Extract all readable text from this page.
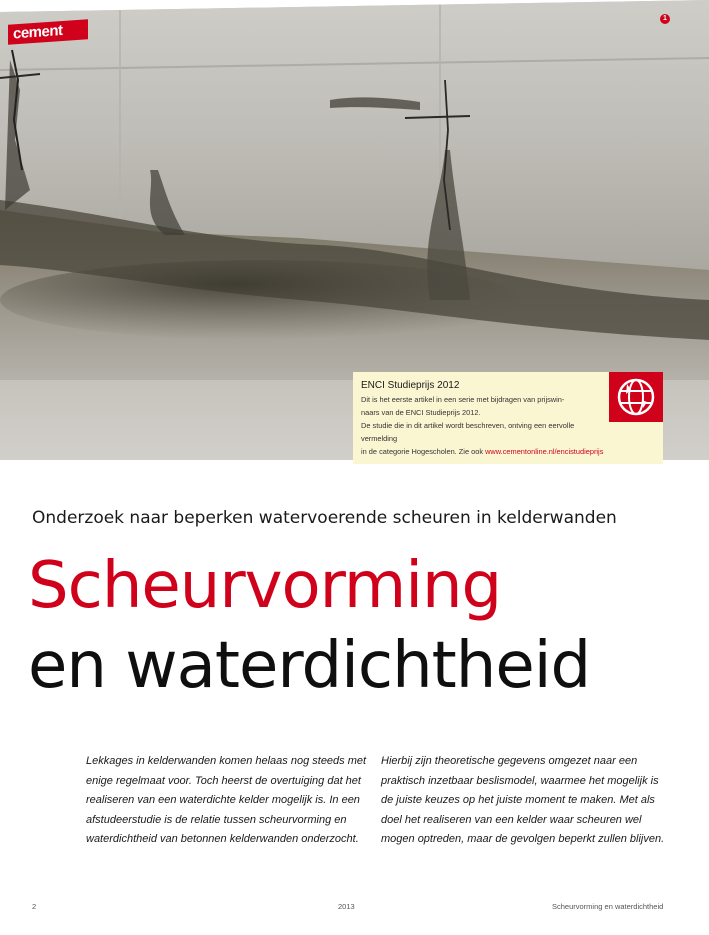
cement
1
ENCI Studieprijs 2012
Dit is het eerste artikel in een serie met bijdragen van prijswin-
naars van de ENCI Studieprijs 2012.
De studie die in dit artikel wordt beschreven, ontving een eervolle vermelding
in de categorie Hogescholen. Zie ook www.cementonline.nl/encistudieprijs
Onderzoek naar beperken watervoerende scheuren in kelderwanden
Scheurvorming
en waterdichtheid
Lekkages in kelderwanden komen helaas nog steeds met enige regelmaat voor. Toch heerst de overtuiging dat het realiseren van een waterdichte kelder mogelijk is. In een afstudeerstudie is de relatie tussen scheurvorming en waterdichtheid van betonnen kelderwanden onderzocht.
Hierbij zijn theoretische gegevens omgezet naar een praktisch inzetbaar beslismodel, waarmee het mogelijk is de juiste keuzes op het juiste moment te maken. Met als doel het realiseren van een kelder waar scheuren wel mogen optreden, maar de gevolgen beperkt zullen blijven.
2	2013	Scheurvorming en waterdichtheid
